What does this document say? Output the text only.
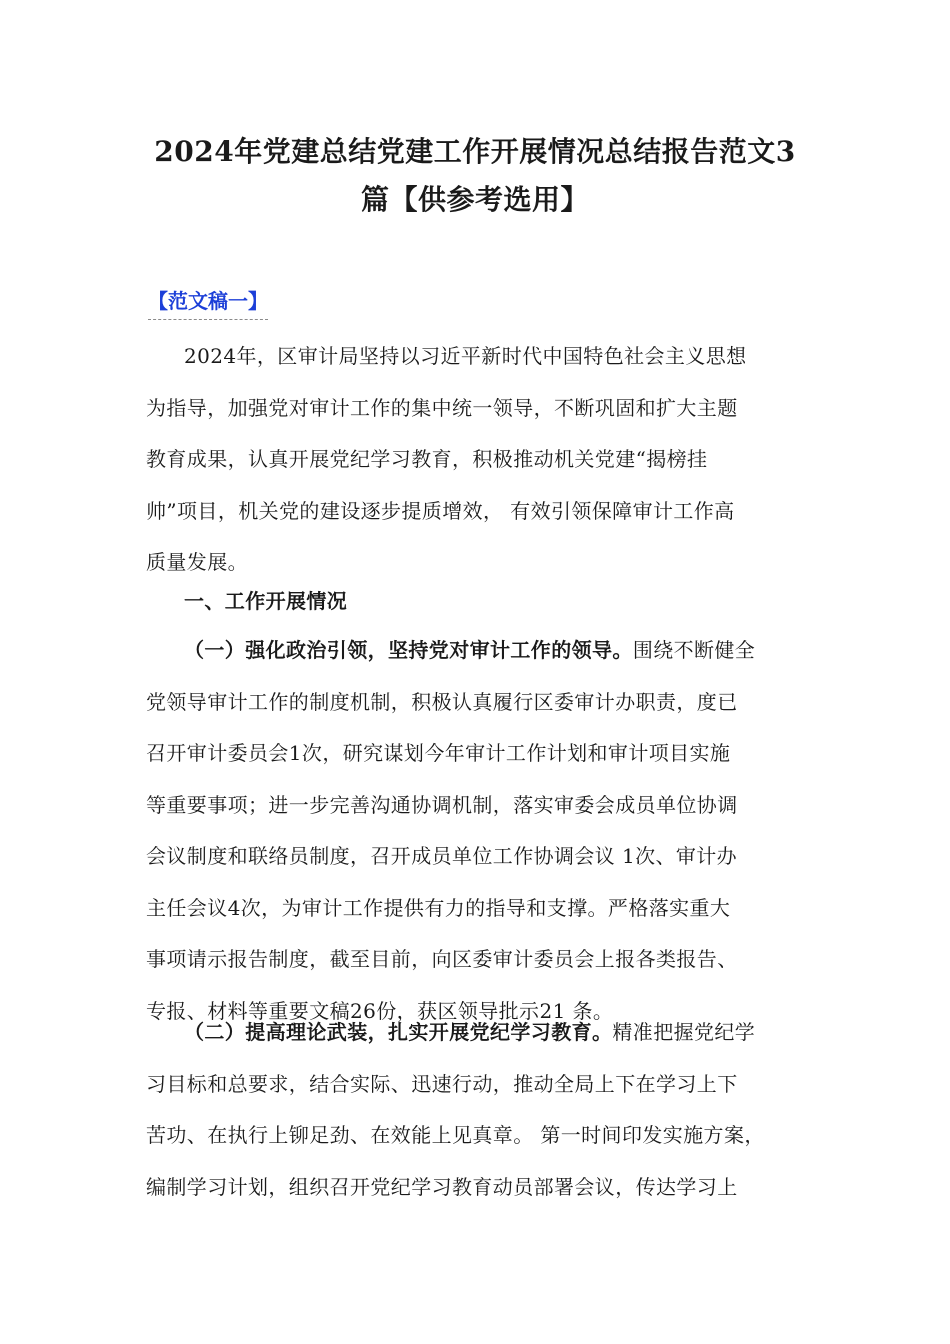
2024年党建总结党建工作开展情况总结报告范文3
篇【供参考选用】
【范文稿一】
2024年，区审计局坚持以习近平新时代中国特色社会主义思想
为指导，加强党对审计工作的集中统一领导，不断巩固和扩大主题
教育成果，认真开展党纪学习教育，积极推动机关党建“揭榜挂
帅”项目，机关党的建设逐步提质增效， 有效引领保障审计工作高
质量发展。
一、工作开展情况
（一）强化政治引领，坚持党对审计工作的领导。围绕不断健全
党领导审计工作的制度机制，积极认真履行区委审计办职责，度已
召开审计委员会1次，研究谋划今年审计工作计划和审计项目实施
等重要事项；进一步完善沟通协调机制，落实审委会成员单位协调
会议制度和联络员制度，召开成员单位工作协调会议 1次、审计办
主任会议4次，为审计工作提供有力的指导和支撑。严格落实重大
事项请示报告制度，截至目前，向区委审计委员会上报各类报告、
专报、材料等重要文稿26份，获区领导批示21 条。
（二）提高理论武装，扎实开展党纪学习教育。精准把握党纪学
习目标和总要求，结合实际、迅速行动，推动全局上下在学习上下
苦功、在执行上铆足劲、在效能上见真章。 第一时间印发实施方案，
编制学习计划，组织召开党纪学习教育动员部署会议，传达学习上
